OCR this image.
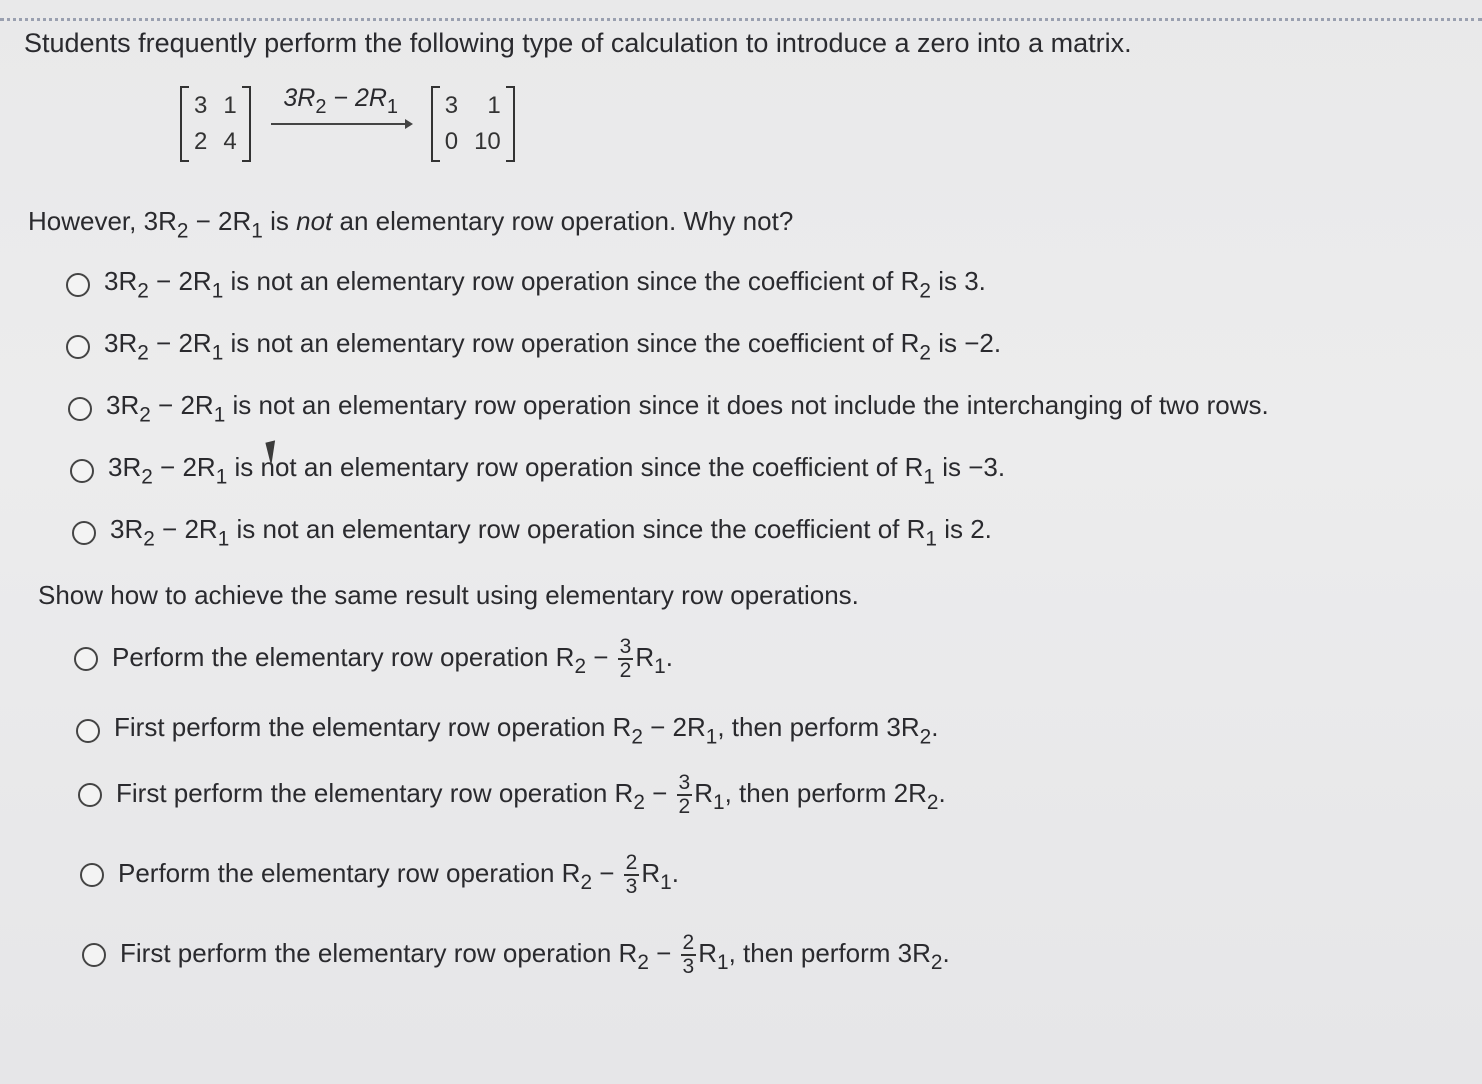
Students frequently perform the following type of calculation to introduce a zero into a matrix.
3 1
2 4
$3R_2 - 2R_1$ 3	1
0 10
However, $3R_2 - 2R_1$ is not an elementary row operation. Why not?
$3R_2 - 2R_1$ is not an elementary row operation since the coefficient of $R_2$ is 3.
$3R_2 - 2R_1$ is not an elementary row operation since the coefficient of $R_2$ is −2.
$3R_2 - 2R_1$ is not an elementary row operation since it does not include the interchanging of two rows.
$3R_2 - 2R_1$ is not an elementary row operation since the coefficient of $R_1$ is −3.
$3R_2 - 2R_1$ is not an elementary row operation since the coefficient of $R_1$ is 2.
Show how to achieve the same result using elementary row operations.
Perform the elementary row operation $R_2 - \frac{3}{2} R_1$.
First perform the elementary row operation $R_2 - 2R_1$, then perform $3R_2$.
First perform the elementary row operation $R_2 - \frac{3}{2} R_1$, then perform $2R_2$.
Perform the elementary row operation $R_2 - \frac{2}{3} R_1$.
First perform the elementary row operation $R_2 - \frac{2}{3} R_1$, then perform $3R_2$.
